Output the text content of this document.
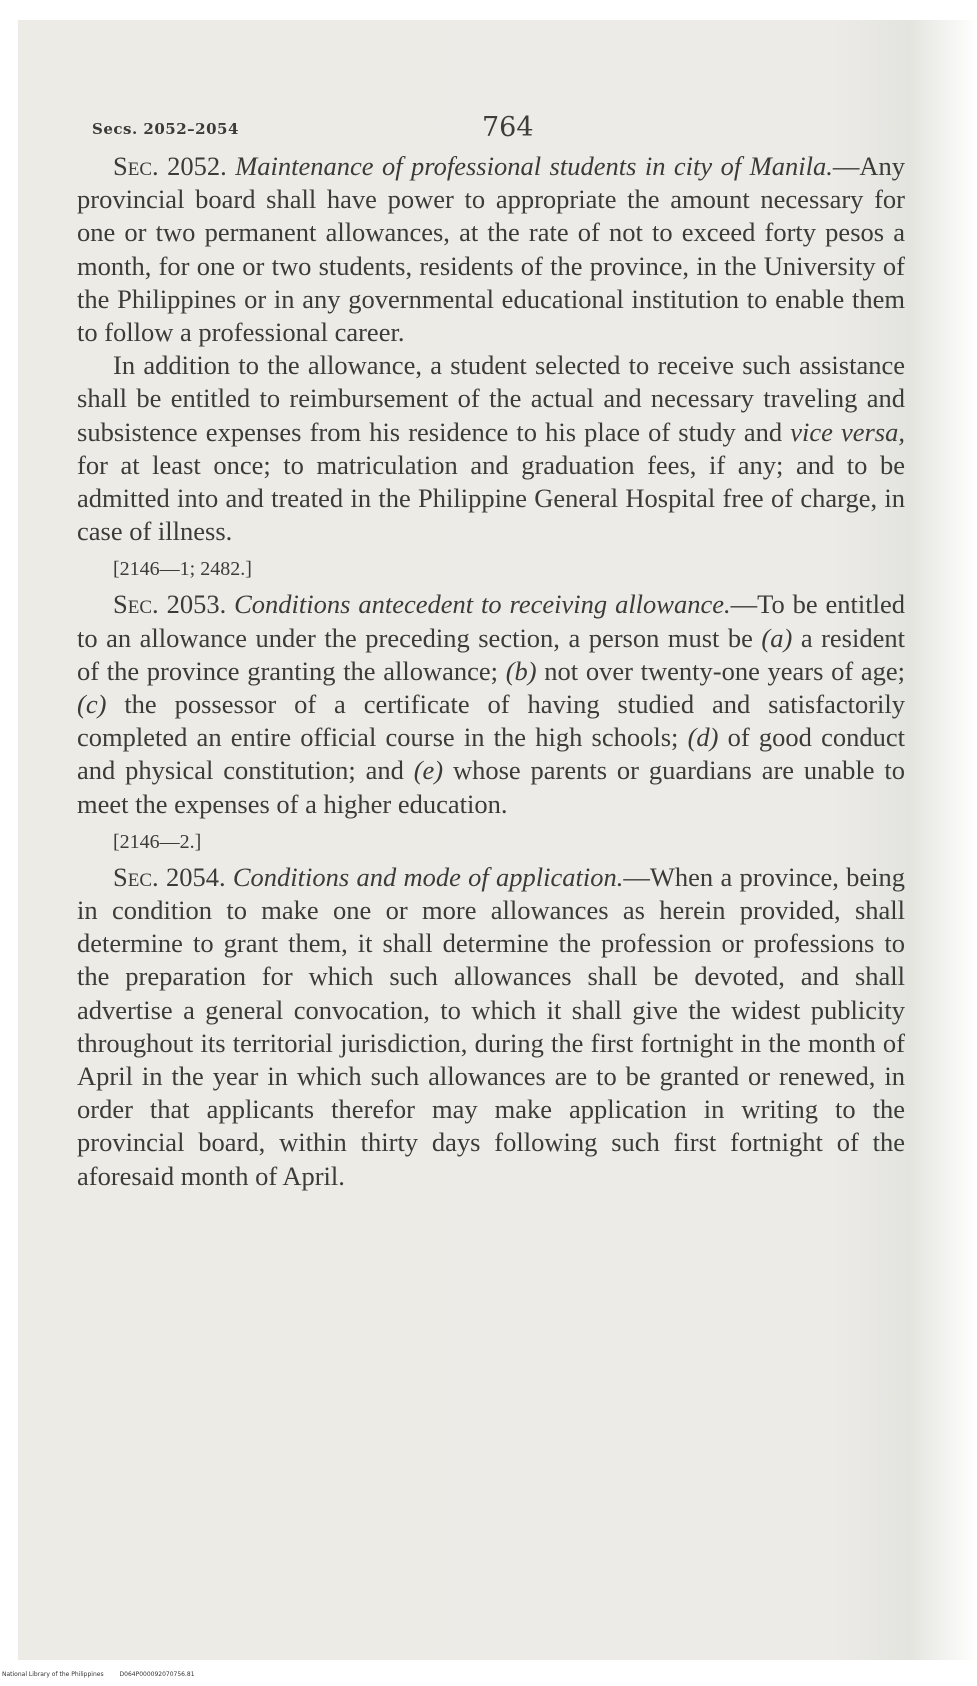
Secs. 2052–2054	764

Sec. 2052. Maintenance of professional students in city of Manila.—Any provincial board shall have power to appropriate the amount necessary for one or two permanent allowances, at the rate of not to exceed forty pesos a month, for one or two students, residents of the province, in the University of the Philippines or in any governmental educational institution to enable them to follow a professional career.

In addition to the allowance, a student selected to receive such assistance shall be entitled to reimbursement of the actual and necessary traveling and subsistence expenses from his residence to his place of study and vice versa, for at least once; to matriculation and graduation fees, if any; and to be admitted into and treated in the Philippine General Hospital free of charge, in case of illness.

[2146—1; 2482.]

Sec. 2053. Conditions antecedent to receiving allowance.—To be entitled to an allowance under the preceding section, a person must be (a) a resident of the province granting the allowance; (b) not over twenty-one years of age; (c) the possessor of a certificate of having studied and satisfactorily completed an entire official course in the high schools; (d) of good conduct and physical constitution; and (e) whose parents or guardians are unable to meet the expenses of a higher education.

[2146—2.]

Sec. 2054. Conditions and mode of application.—When a province, being in condition to make one or more allowances as herein provided, shall determine to grant them, it shall determine the profession or professions to the preparation for which such allowances shall be devoted, and shall advertise a general convocation, to which it shall give the widest publicity throughout its territorial jurisdiction, during the first fortnight in the month of April in the year in which such allowances are to be granted or renewed, in order that applicants therefor may make application in writing to the provincial board, within thirty days following such first fortnight of the aforesaid month of April.

National Library of the Philippines	D064P000092070756.81
